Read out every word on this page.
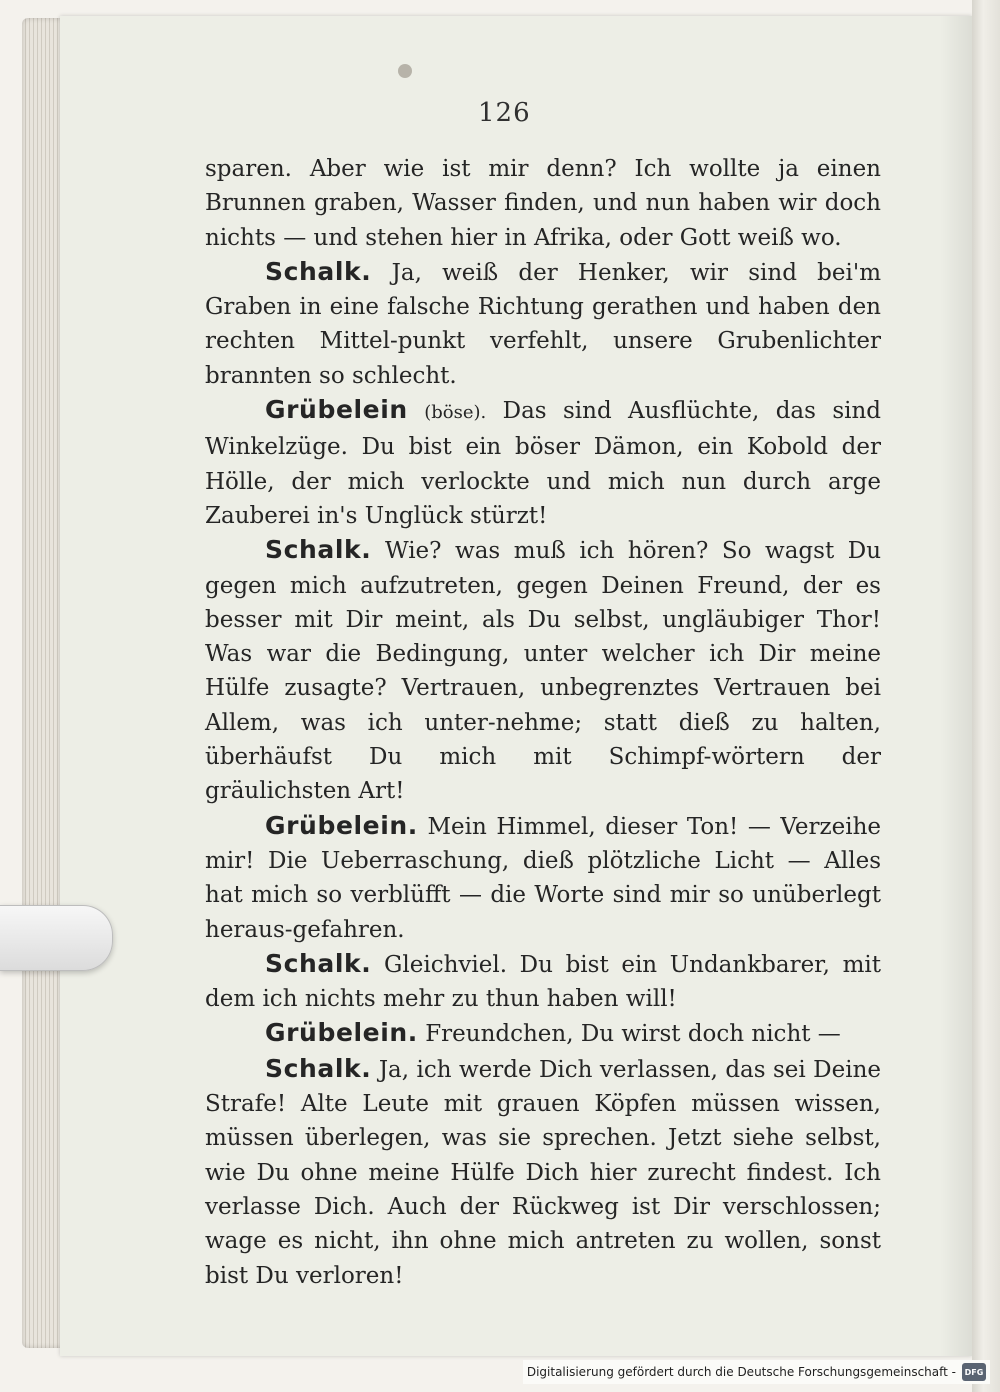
126

sparen. Aber wie ist mir denn? Ich wollte ja einen Brunnen graben, Wasser finden, und nun haben wir doch nichts — und stehen hier in Afrika, oder Gott weiß wo.

Schalk. Ja, weiß der Henker, wir sind bei'm Graben in eine falsche Richtung gerathen und haben den rechten Mittel-punkt verfehlt, unsere Grubenlichter brannten so schlecht.

Grübelein (böse). Das sind Ausflüchte, das sind Winkelzüge. Du bist ein böser Dämon, ein Kobold der Hölle, der mich verlockte und mich nun durch arge Zauberei in's Unglück stürzt!

Schalk. Wie? was muß ich hören? So wagst Du gegen mich aufzutreten, gegen Deinen Freund, der es besser mit Dir meint, als Du selbst, ungläubiger Thor! Was war die Bedingung, unter welcher ich Dir meine Hülfe zusagte? Vertrauen, unbegrenztes Vertrauen bei Allem, was ich unter-nehme; statt dieß zu halten, überhäufst Du mich mit Schimpf-wörtern der gräulichsten Art!

Grübelein. Mein Himmel, dieser Ton! — Verzeihe mir! Die Ueberraschung, dieß plötzliche Licht — Alles hat mich so verblüfft — die Worte sind mir so unüberlegt heraus-gefahren.

Schalk. Gleichviel. Du bist ein Undankbarer, mit dem ich nichts mehr zu thun haben will!

Grübelein. Freundchen, Du wirst doch nicht —

Schalk. Ja, ich werde Dich verlassen, das sei Deine Strafe! Alte Leute mit grauen Köpfen müssen wissen, müssen überlegen, was sie sprechen. Jetzt siehe selbst, wie Du ohne meine Hülfe Dich hier zurecht findest. Ich verlasse Dich. Auch der Rückweg ist Dir verschlossen; wage es nicht, ihn ohne mich antreten zu wollen, sonst bist Du verloren!

Digitalisierung gefördert durch die Deutsche Forschungsgemeinschaft -	DFG
